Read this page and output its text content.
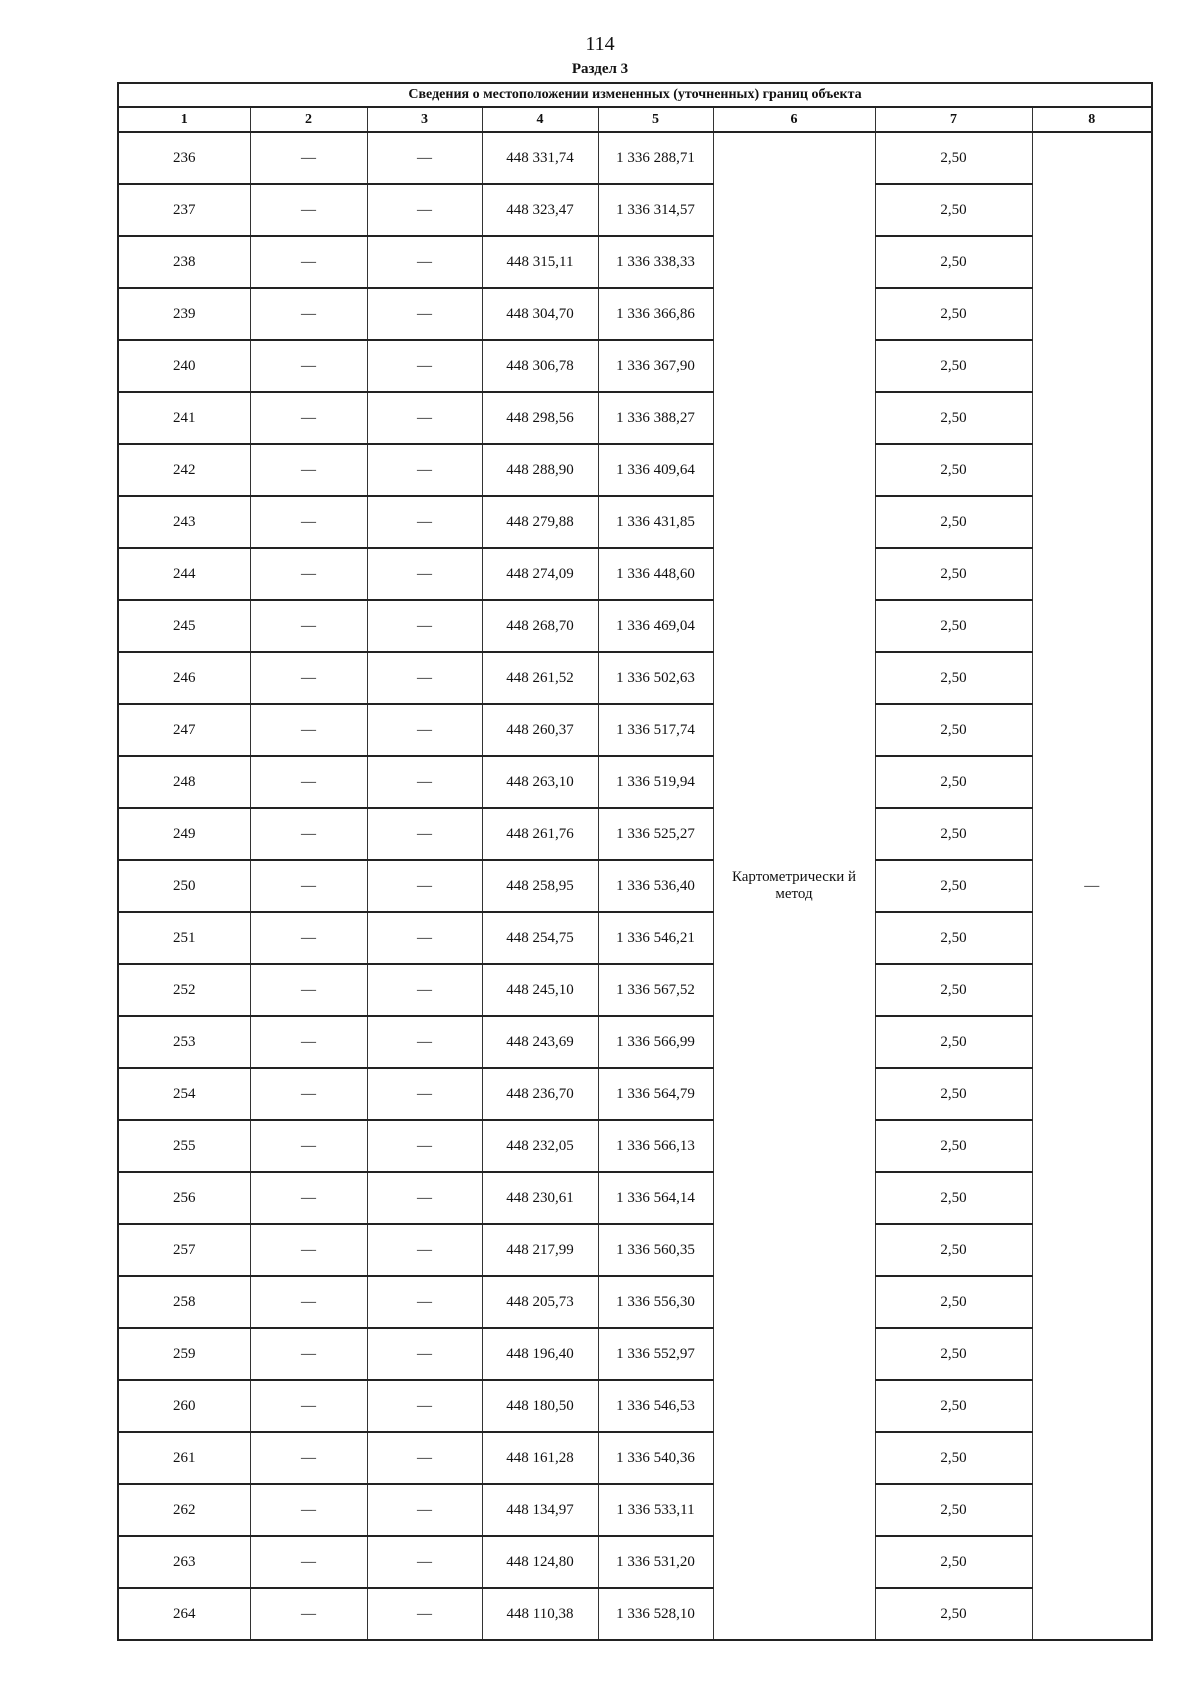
114
Раздел 3
Сведения о местоположении измененных (уточненных) границ объекта							
1	2	3	4	5	6	7	8
236	—	—	448 331,74	1 336 288,71	Картометрически й метод	2,50	—
237	—	—	448 323,47	1 336 314,57		2,50	
238	—	—	448 315,11	1 336 338,33		2,50	
239	—	—	448 304,70	1 336 366,86		2,50	
240	—	—	448 306,78	1 336 367,90		2,50	
241	—	—	448 298,56	1 336 388,27		2,50	
242	—	—	448 288,90	1 336 409,64		2,50	
243	—	—	448 279,88	1 336 431,85		2,50	
244	—	—	448 274,09	1 336 448,60		2,50	
245	—	—	448 268,70	1 336 469,04		2,50	
246	—	—	448 261,52	1 336 502,63		2,50	
247	—	—	448 260,37	1 336 517,74		2,50	
248	—	—	448 263,10	1 336 519,94		2,50	
249	—	—	448 261,76	1 336 525,27		2,50	
250	—	—	448 258,95	1 336 536,40		2,50	
251	—	—	448 254,75	1 336 546,21		2,50	
252	—	—	448 245,10	1 336 567,52		2,50	
253	—	—	448 243,69	1 336 566,99		2,50	
254	—	—	448 236,70	1 336 564,79		2,50	
255	—	—	448 232,05	1 336 566,13		2,50	
256	—	—	448 230,61	1 336 564,14		2,50	
257	—	—	448 217,99	1 336 560,35		2,50	
258	—	—	448 205,73	1 336 556,30		2,50	
259	—	—	448 196,40	1 336 552,97		2,50	
260	—	—	448 180,50	1 336 546,53		2,50	
261	—	—	448 161,28	1 336 540,36		2,50	
262	—	—	448 134,97	1 336 533,11		2,50	
263	—	—	448 124,80	1 336 531,20		2,50	
264	—	—	448 110,38	1 336 528,10		2,50	
